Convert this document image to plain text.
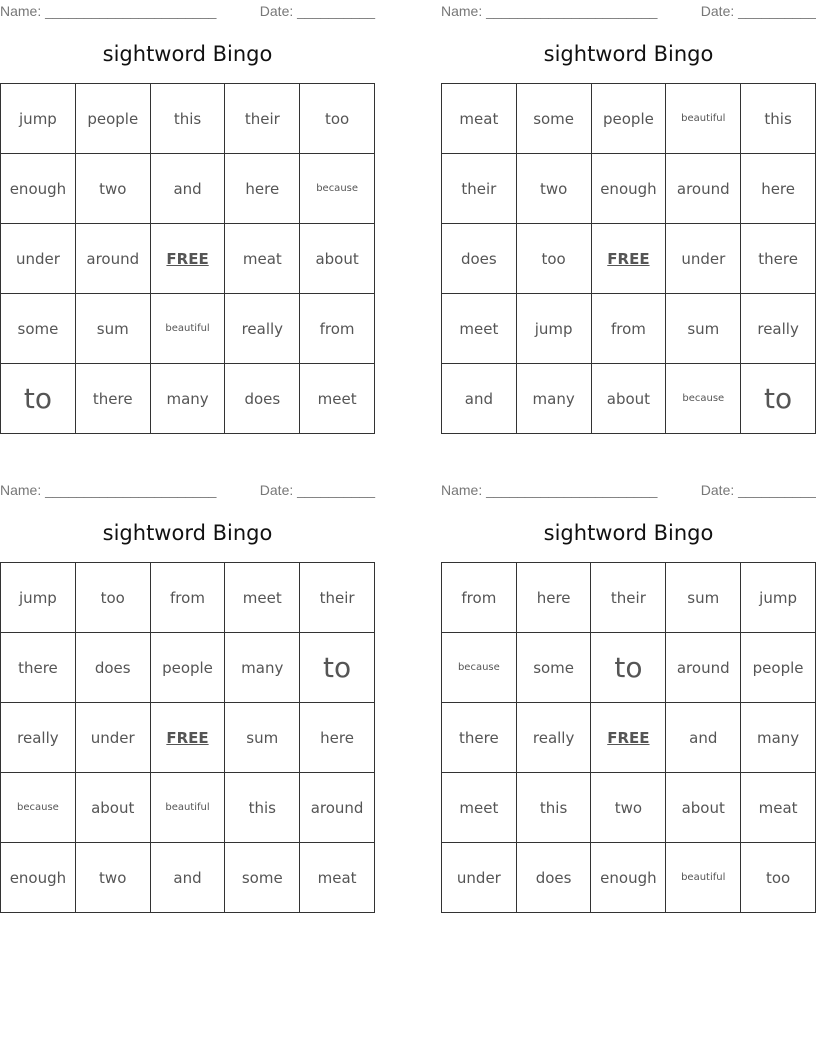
Name: ______________________	Date: __________
sightword Bingo
jump	people	this	their	too
enough	two	and	here	because
under	around	FREE	meat	about
some	sum	beautiful	really	from
to	there	many	does	meet
Name: ______________________	Date: __________
sightword Bingo
meat	some	people	beautiful	this
their	two	enough	around	here
does	too	FREE	under	there
meet	jump	from	sum	really
and	many	about	because	to
Name: ______________________	Date: __________
sightword Bingo
jump	too	from	meet	their
there	does	people	many	to
really	under	FREE	sum	here
because	about	beautiful	this	around
enough	two	and	some	meat
Name: ______________________	Date: __________
sightword Bingo
from	here	their	sum	jump
because	some	to	around	people
there	really	FREE	and	many
meet	this	two	about	meat
under	does	enough	beautiful	too
